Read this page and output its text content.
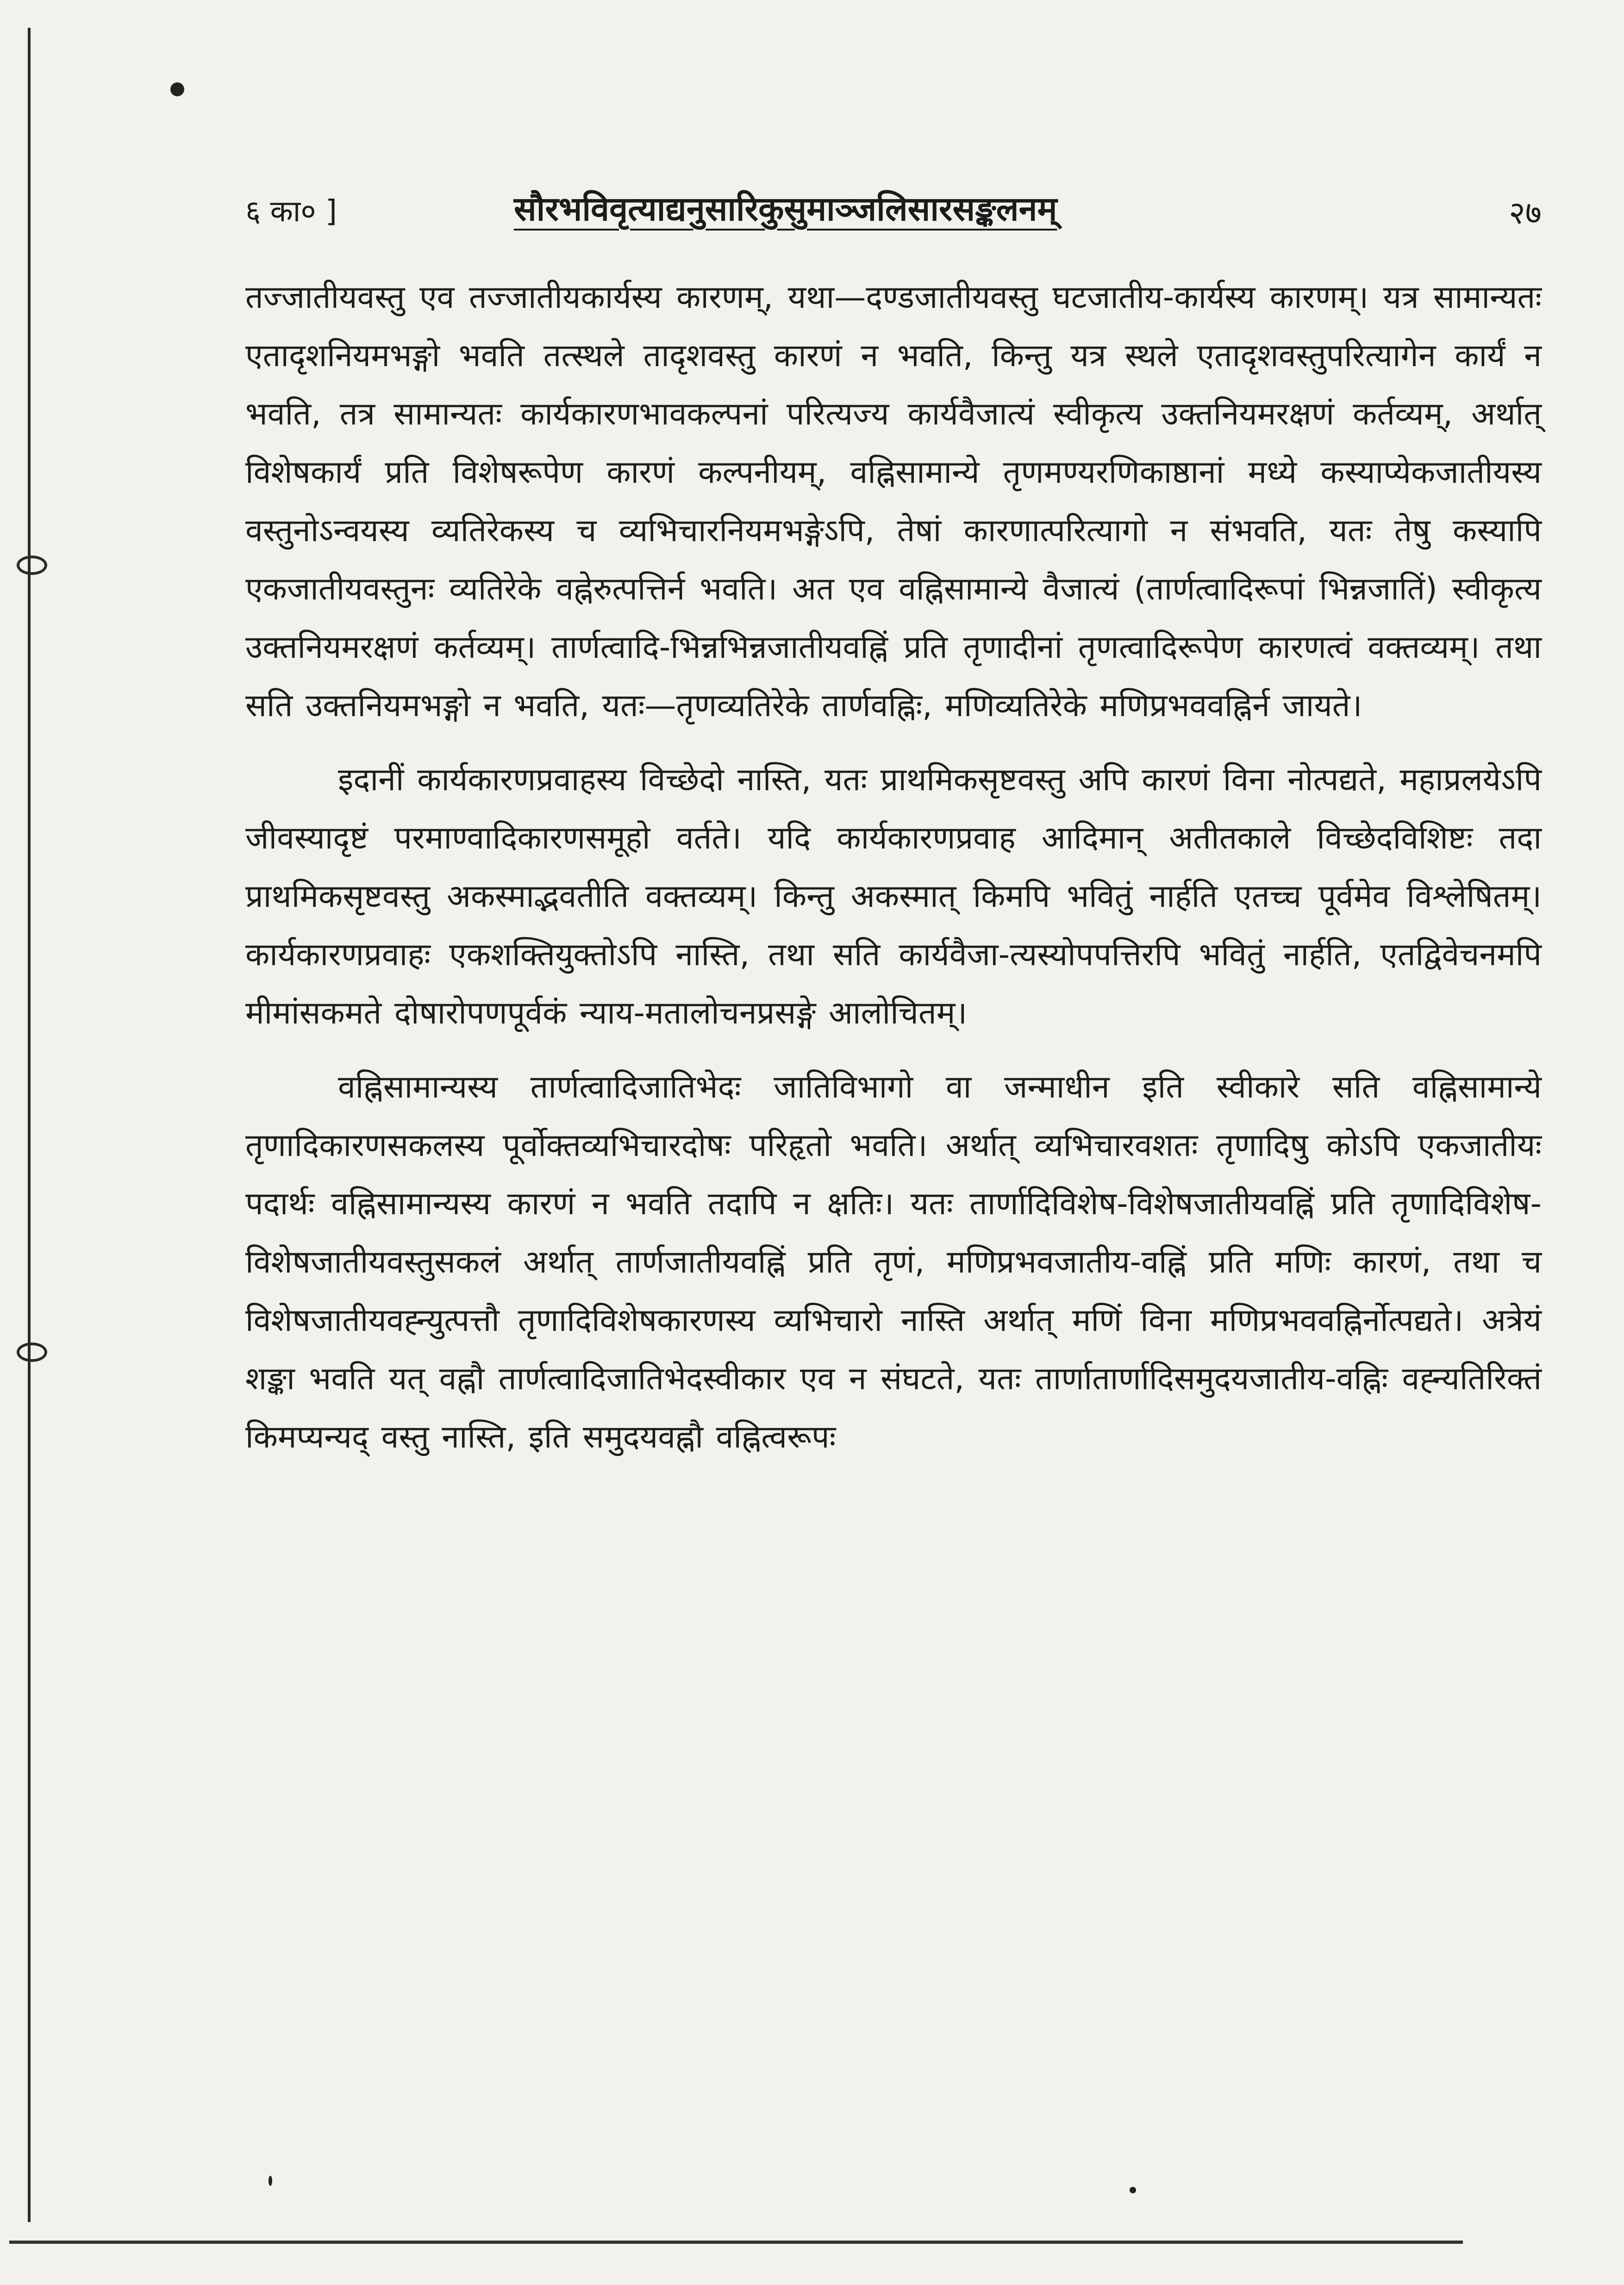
६ का० ]	सौरभविवृत्याद्यनुसारिकुसुमाञ्जलिसारसङ्कलनम्	२७

तज्जातीयवस्तु एव तज्जातीयकार्यस्य कारणम्, यथा—दण्डजातीयवस्तु घटजातीय-कार्यस्य कारणम्। यत्र सामान्यतः एतादृशनियमभङ्गो भवति तत्स्थले तादृशवस्तु कारणं न भवति, किन्तु यत्र स्थले एतादृशवस्तुपरित्यागेन कार्यं न भवति, तत्र सामान्यतः कार्यकारणभावकल्पनां परित्यज्य कार्यवैजात्यं स्वीकृत्य उक्तनियमरक्षणं कर्तव्यम्, अर्थात् विशेषकार्यं प्रति विशेषरूपेण कारणं कल्पनीयम्, वह्निसामान्ये तृणमण्यरणिकाष्ठानां मध्ये कस्याप्येकजातीयस्य वस्तुनोऽन्वयस्य व्यतिरेकस्य च व्यभिचारनियमभङ्गेऽपि, तेषां कारणात्परित्यागो न संभवति, यतः तेषु कस्यापि एकजातीयवस्तुनः व्यतिरेके वह्नेरुत्पत्तिर्न भवति। अत एव वह्निसामान्ये वैजात्यं (तार्णत्वादिरूपां भिन्नजातिं) स्वीकृत्य उक्तनियमरक्षणं कर्तव्यम्। तार्णत्वादि-भिन्नभिन्नजातीयवह्निं प्रति तृणादीनां तृणत्वादिरूपेण कारणत्वं वक्तव्यम्। तथा सति उक्तनियमभङ्गो न भवति, यतः—तृणव्यतिरेके तार्णवह्निः, मणिव्यतिरेके मणिप्रभववह्निर्न जायते।

इदानीं कार्यकारणप्रवाहस्य विच्छेदो नास्ति, यतः प्राथमिकसृष्टवस्तु अपि कारणं विना नोत्पद्यते, महाप्रलयेऽपि जीवस्यादृष्टं परमाण्वादिकारणसमूहो वर्तते। यदि कार्यकारणप्रवाह आदिमान् अतीतकाले विच्छेदविशिष्टः तदा प्राथमिकसृष्टवस्तु अकस्माद्भवतीति वक्तव्यम्। किन्तु अकस्मात् किमपि भवितुं नार्हति एतच्च पूर्वमेव विश्लेषितम्। कार्यकारणप्रवाहः एकशक्तियुक्तोऽपि नास्ति, तथा सति कार्यवैजा-त्यस्योपपत्तिरपि भवितुं नार्हति, एतद्विवेचनमपि मीमांसकमते दोषारोपणपूर्वकं न्याय-मतालोचनप्रसङ्गे आलोचितम्।

वह्निसामान्यस्य तार्णत्वादिजातिभेदः जातिविभागो वा जन्माधीन इति स्वीकारे सति वह्निसामान्ये तृणादिकारणसकलस्य पूर्वोक्तव्यभिचारदोषः परिहृतो भवति। अर्थात् व्यभिचारवशतः तृणादिषु कोऽपि एकजातीयः पदार्थः वह्निसामान्यस्य कारणं न भवति तदापि न क्षतिः। यतः तार्णादिविशेष-विशेषजातीयवह्निं प्रति तृणादिविशेष-विशेषजातीयवस्तुसकलं अर्थात् तार्णजातीयवह्निं प्रति तृणं, मणिप्रभवजातीय-वह्निं प्रति मणिः कारणं, तथा च विशेषजातीयवह्न्युत्पत्तौ तृणादिविशेषकारणस्य व्यभिचारो नास्ति अर्थात् मणिं विना मणिप्रभववह्निर्नोत्पद्यते। अत्रेयं शङ्का भवति यत् वह्नौ तार्णत्वादिजातिभेदस्वीकार एव न संघटते, यतः तार्णातार्णादिसमुदयजातीय-वह्निः वह्न्यतिरिक्तं किमप्यन्यद् वस्तु नास्ति, इति समुदयवह्नौ वह्नित्वरूपः
